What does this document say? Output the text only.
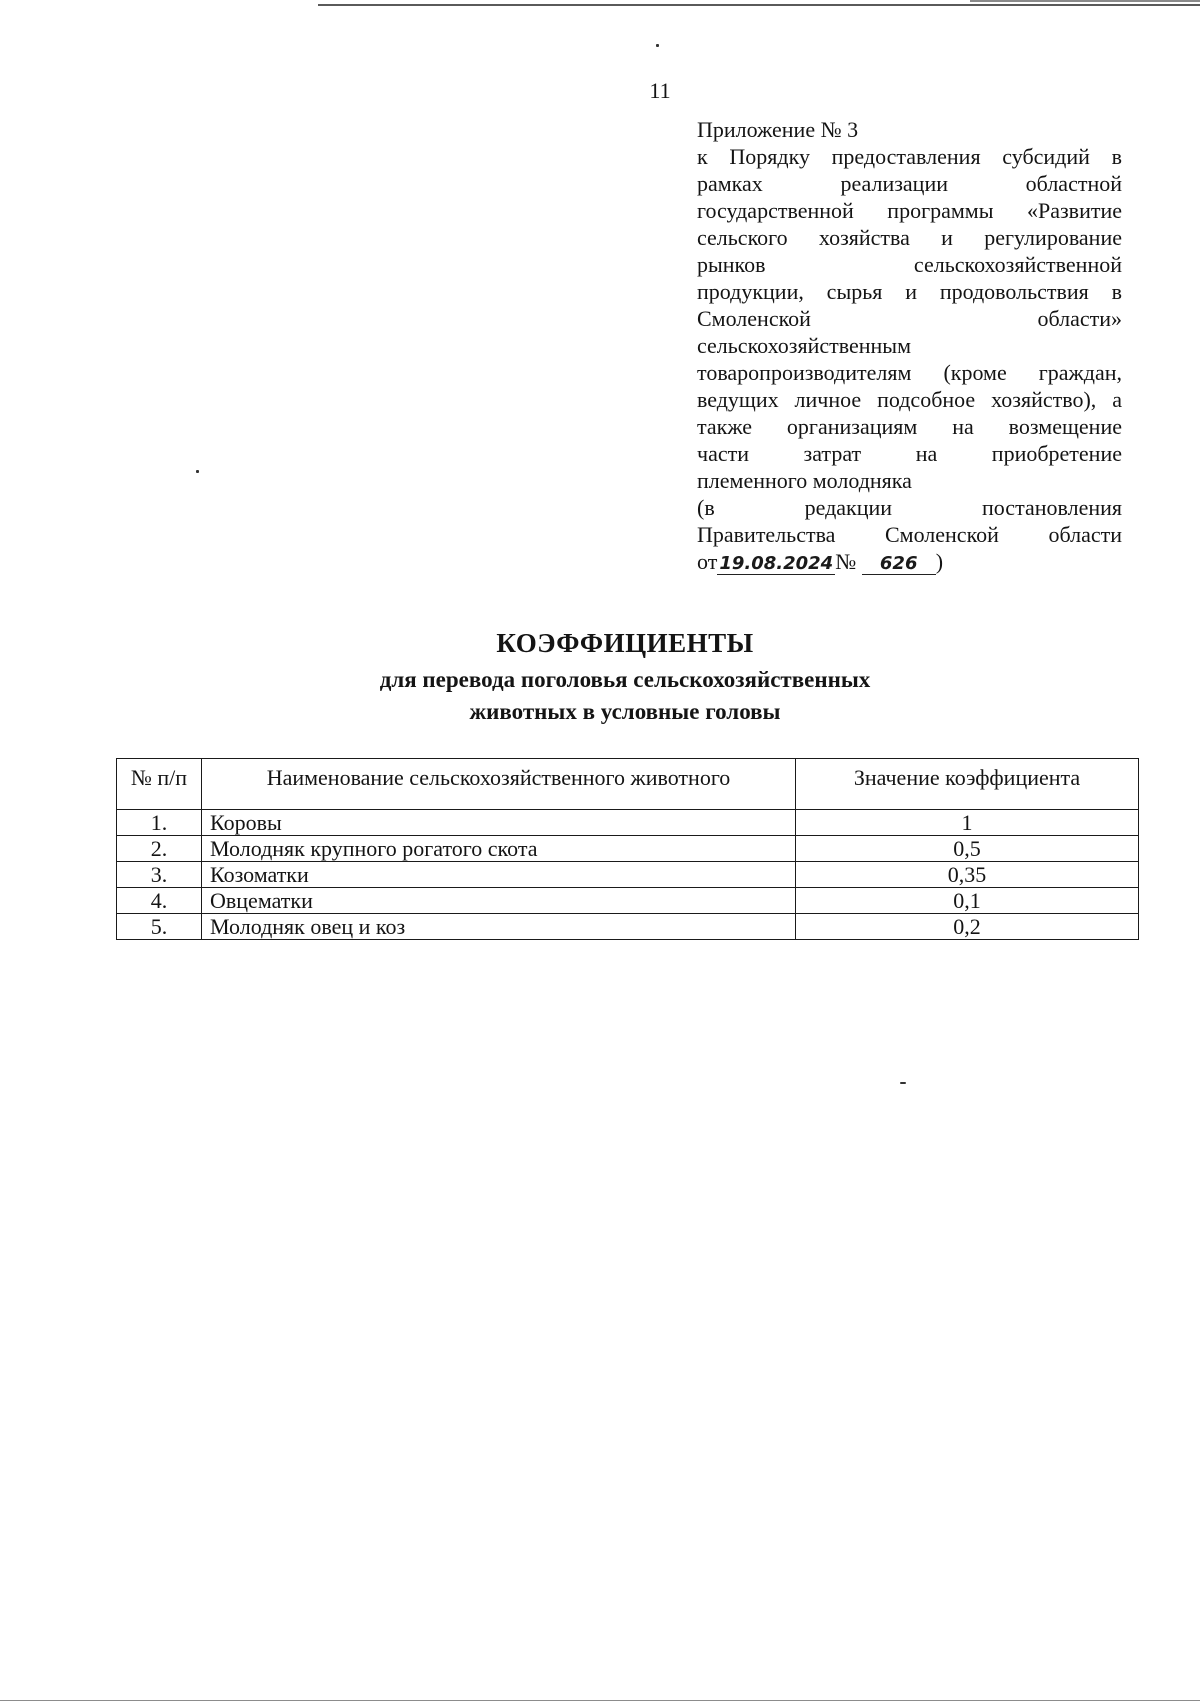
11
Приложение № 3
к Порядку предоставления субсидий в
рамках реализации областной
государственной программы «Развитие
сельского хозяйства и регулирование
рынков сельскохозяйственной
продукции, сырья и продовольствия в
Смоленской области»
сельскохозяйственным
товаропроизводителям (кроме граждан,
ведущих личное подсобное хозяйство), а
также организациям на возмещение
части затрат на приобретение
племенного молодняка
(в редакции постановления
Правительства Смоленской области
от 19.08.2024№ 626 )
КОЭФФИЦИЕНТЫ
для перевода поголовья сельскохозяйственных
животных в условные головы
№ п/п	Наименование сельскохозяйственного животного	Значение коэффициента
1.	Коровы	1
2.	Молодняк крупного рогатого скота	0,5
3.	Козоматки	0,35
4.	Овцематки	0,1
5.	Молодняк овец и коз	0,2
